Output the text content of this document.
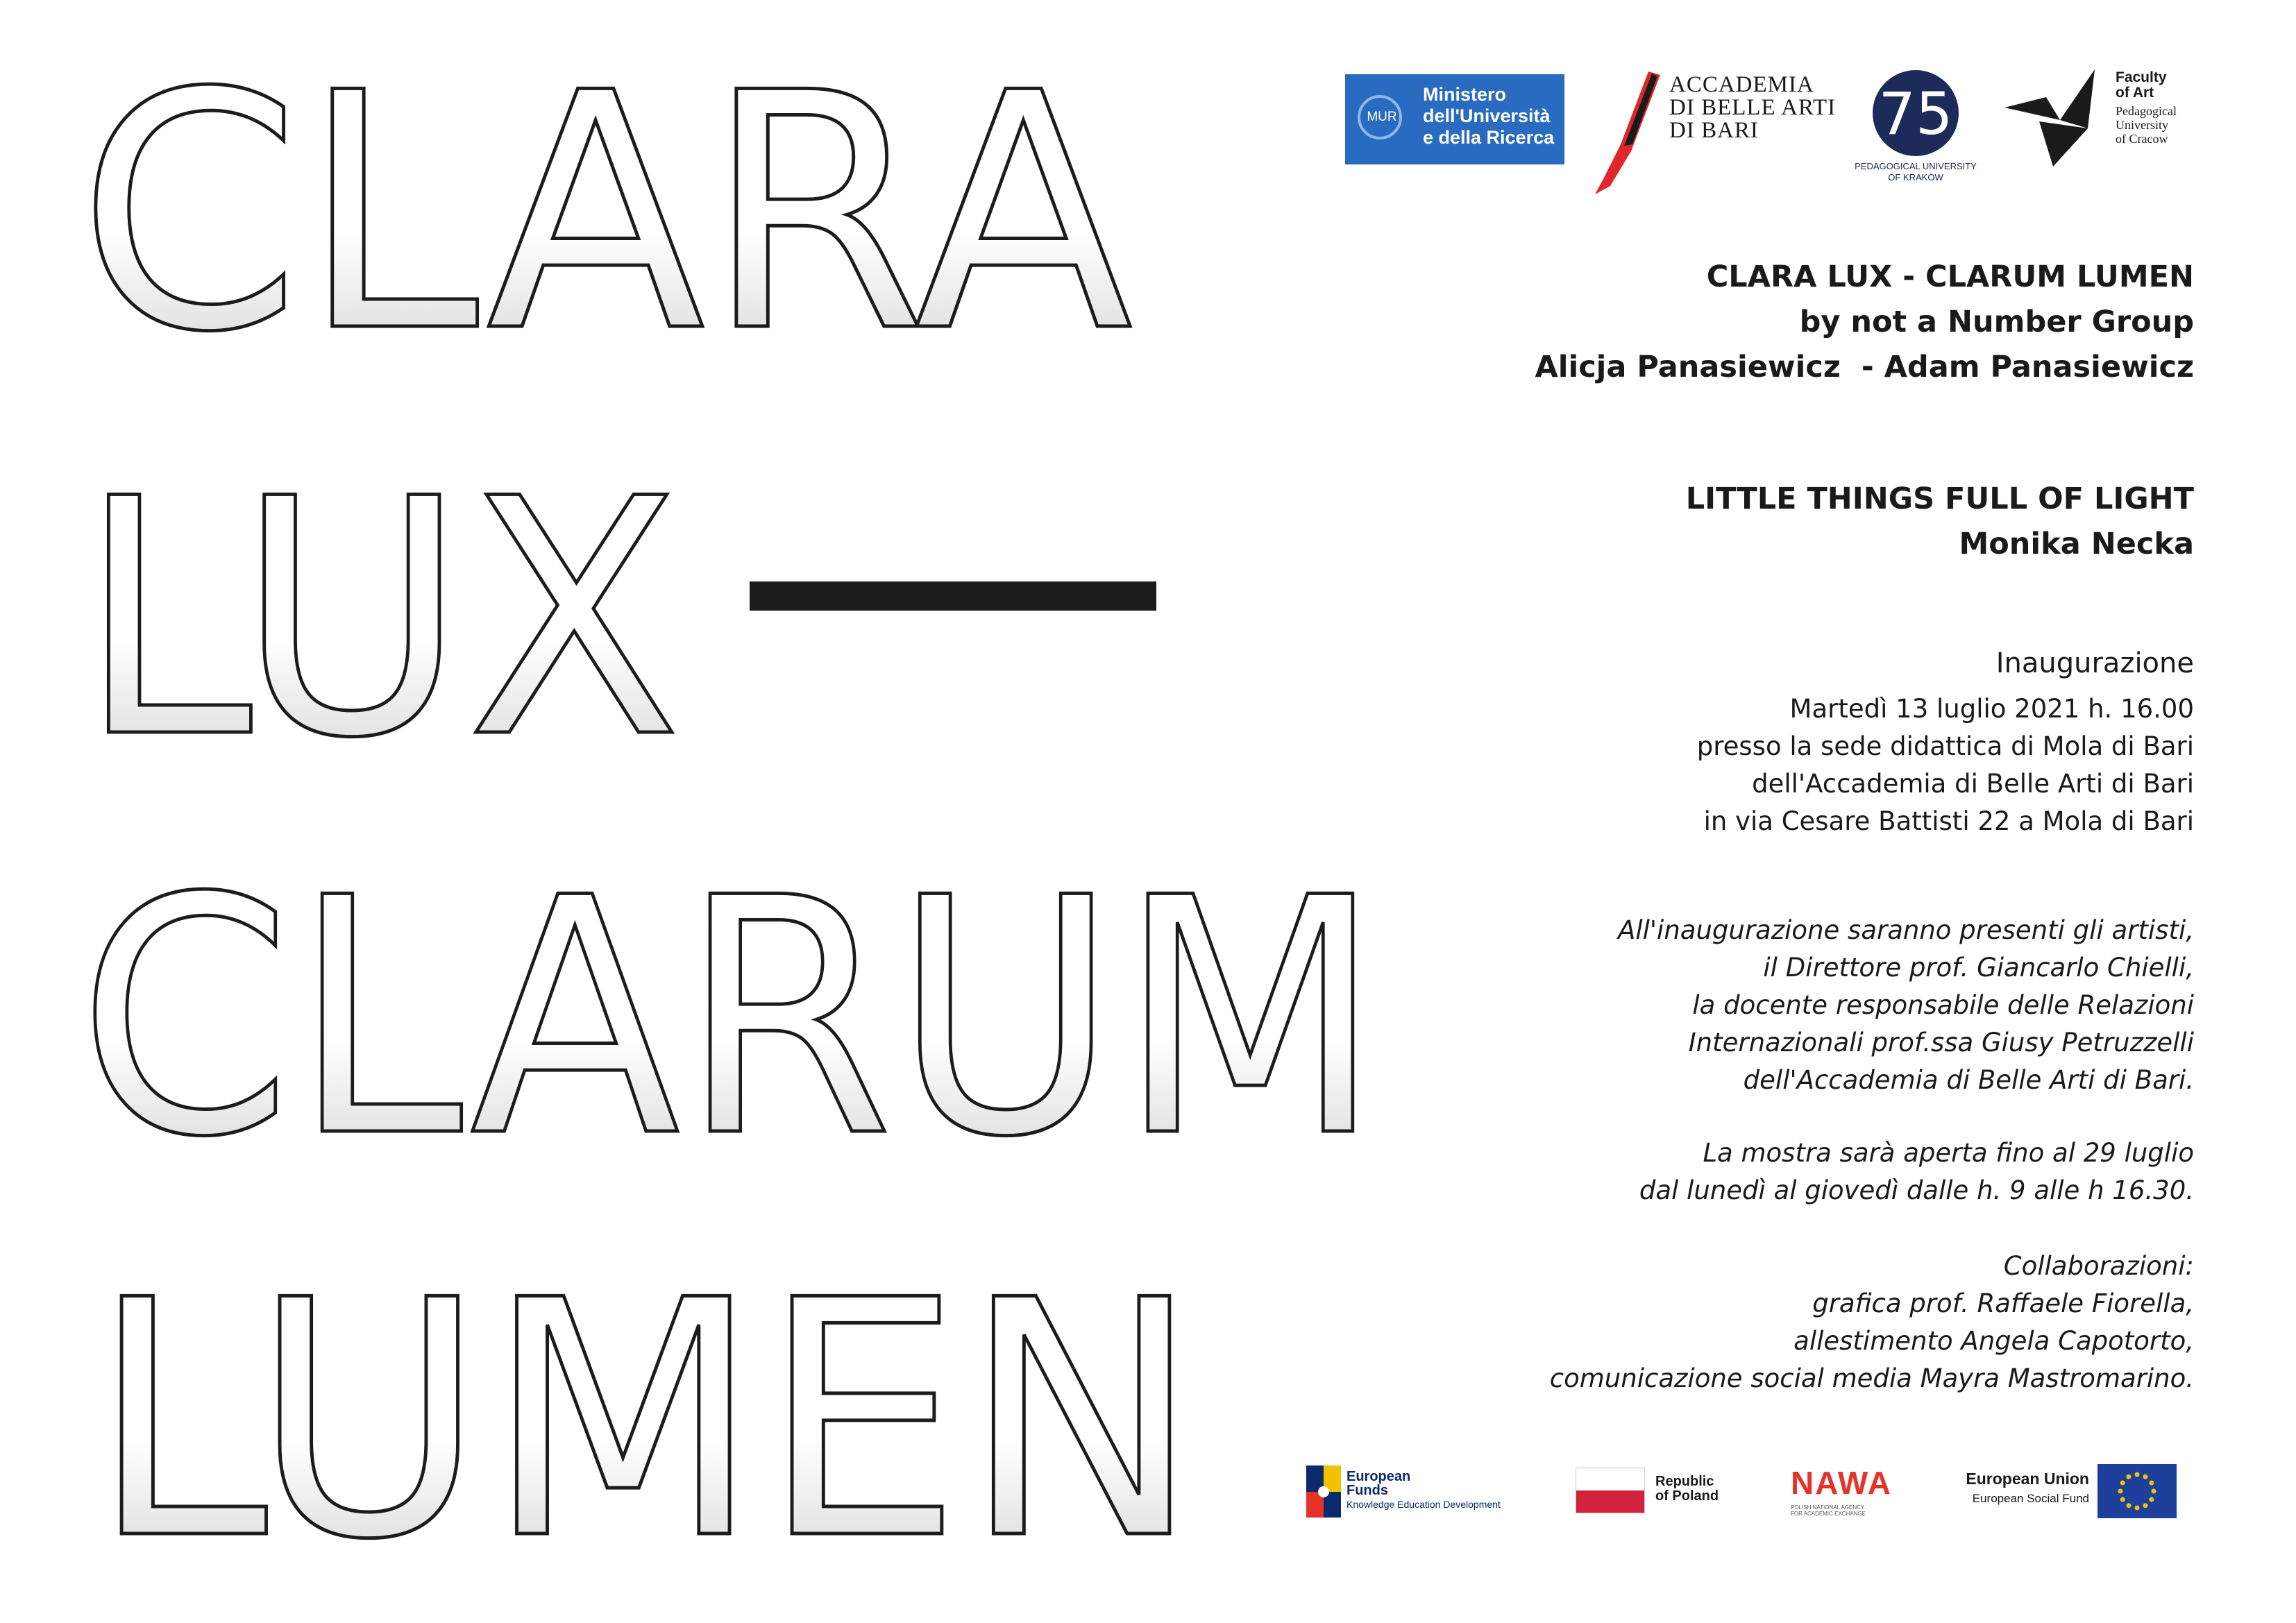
CLARA
LUX
CLARUM
LUMEN
MUR
Ministero
dell'Università
e della Ricerca
ACCADEMIA
DI BELLE ARTI
DI BARI	75
PEDAGOGICAL UNIVERSITY
OF KRAKOW
Faculty
of Art
Pedagogical
University
of Cracow
CLARA LUX - CLARUM LUMEN
by not a Number Group
Alicja Panasiewicz  - Adam Panasiewicz
LITTLE THINGS FULL OF LIGHT
Monika Necka
Inaugurazione
Martedì 13 luglio 2021 h. 16.00
presso la sede didattica di Mola di Bari
dell'Accademia di Belle Arti di Bari
in via Cesare Battisti 22 a Mola di Bari
All'inaugurazione saranno presenti gli artisti,
il Direttore prof. Giancarlo Chielli,
la docente responsabile delle Relazioni
Internazionali prof.ssa Giusy Petruzzelli
dell'Accademia di Belle Arti di Bari.
La mostra sarà aperta fino al 29 luglio
dal lunedì al giovedì dalle h. 9 alle h 16.30.
Collaborazioni:
grafica prof. Raffaele Fiorella,
allestimento Angela Capotorto,
comunicazione social media Mayra Mastromarino.
European
Funds
Knowledge Education Development
Republic
of Poland NAWA
POLISH NATIONAL AGENCY
FOR ACADEMIC EXCHANGE
European Union
European Social Fund
